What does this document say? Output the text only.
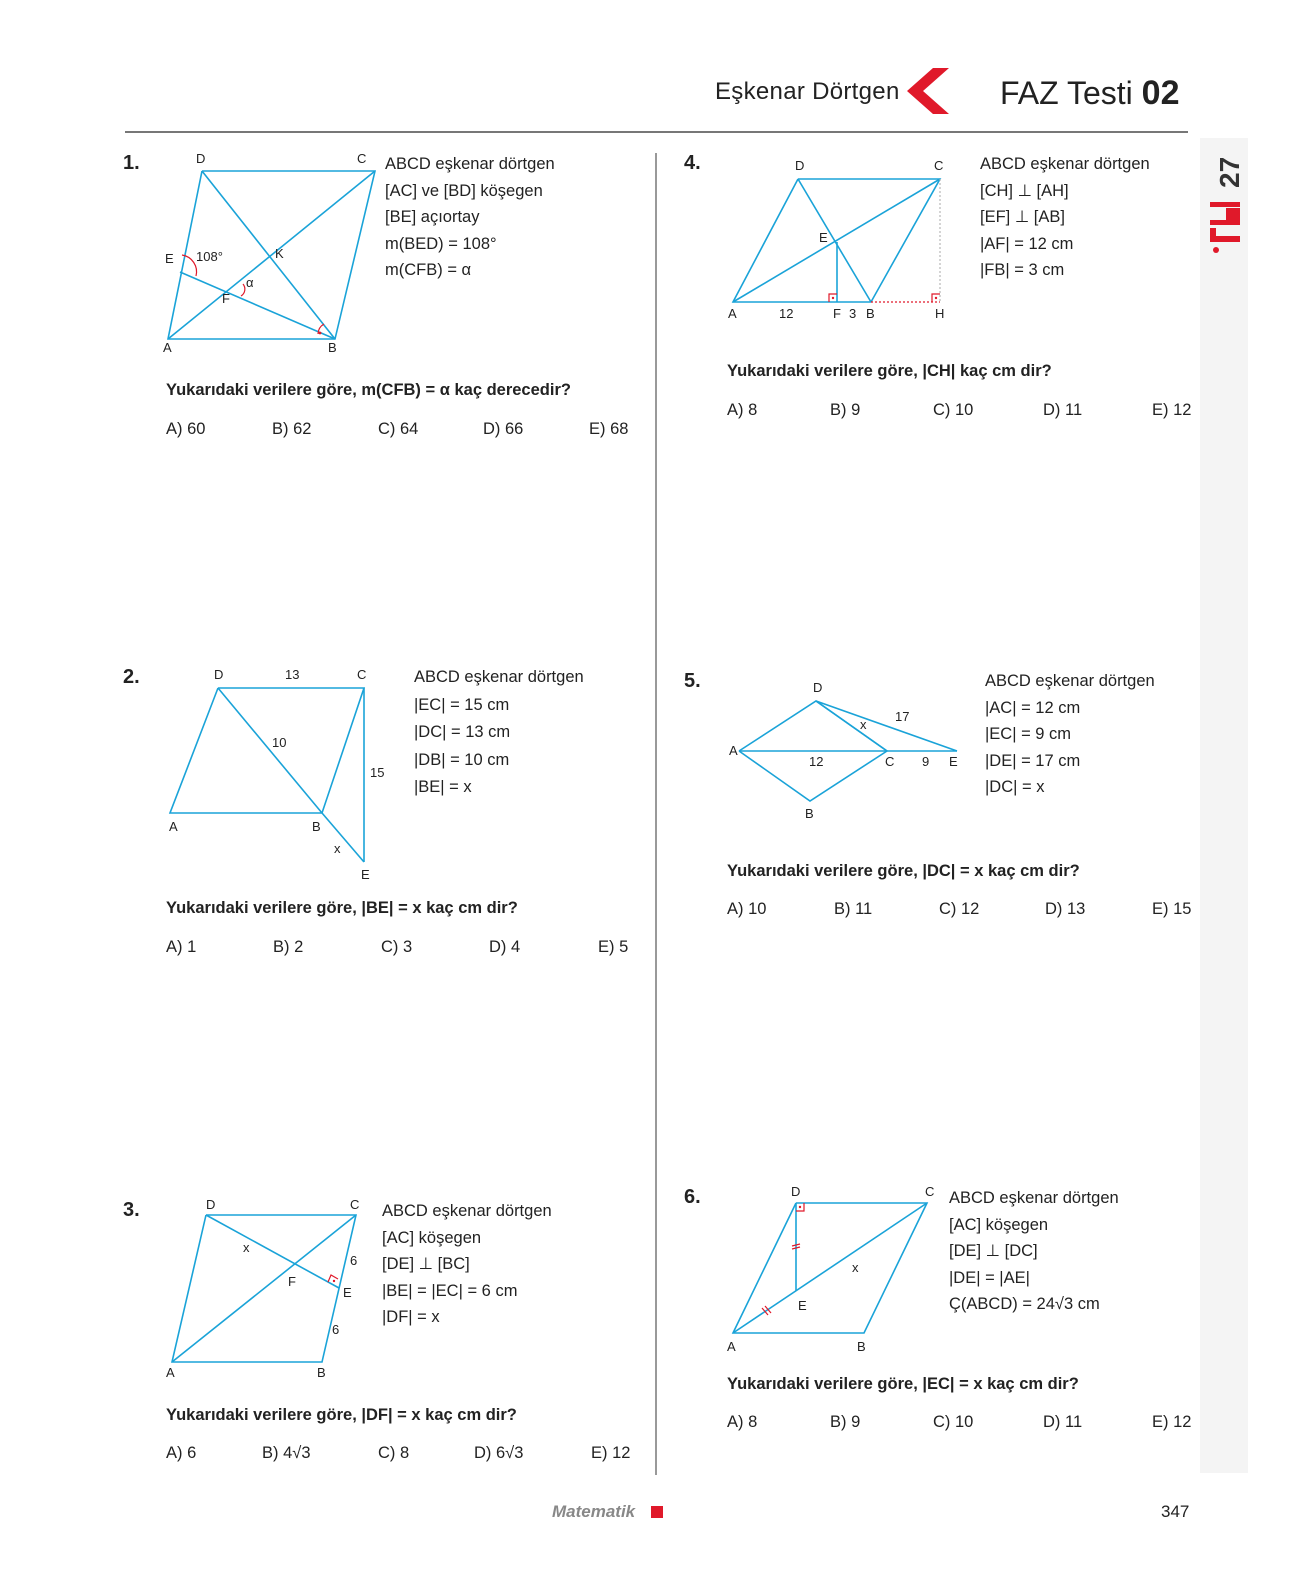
Eşkenar Dörtgen	FAZ Testi 02
27
1.	D	C
E	K
F
A	B
108°
α
ABCD eşkenar dörtgen
[AC] ve [BD] köşegen
[BE] açıortay
m(BED) = 108°
m(CFB) = α
Yukarıdaki verilere göre, m(CFB) = α kaç derecedir?
A) 60	B) 62	C) 64	D) 66	E) 68
2.	D	C
13
10
15
A	B
x
E
ABCD eşkenar dörtgen
|EC| = 15 cm
|DC| = 13 cm
|DB| = 10 cm
|BE| = x
Yukarıdaki verilere göre, |BE| = x kaç cm dir?
A) 1	B) 2	C) 3	D) 4	E) 5
3.	D	C
x
6
F
E
6
A	B
ABCD eşkenar dörtgen
[AC] köşegen
[DE] ⊥ [BC]
|BE| = |EC| = 6 cm
|DF| = x
Yukarıdaki verilere göre, |DF| = x kaç cm dir?
A) 6	B) 4√3	C) 8	D) 6√3	E) 12
4.	D	C
E
A	12	F 3 B	H
ABCD eşkenar dörtgen
[CH] ⊥ [AH]
[EF] ⊥ [AB]
|AF| = 12 cm
|FB| = 3 cm
Yukarıdaki verilere göre, |CH| kaç cm dir?
A) 8	B) 9	C) 10	D) 11	E) 12
5.	D
x
17
A
12	C 9 E
B
ABCD eşkenar dörtgen
|AC| = 12 cm
|EC| = 9 cm
|DE| = 17 cm
|DC| = x
Yukarıdaki verilere göre, |DC| = x kaç cm dir?
A) 10	B) 11	C) 12	D) 13	E) 15
6.	D	C
x
E
A	B
ABCD eşkenar dörtgen
[AC] köşegen
[DE] ⊥ [DC]
|DE| = |AE|
Ç(ABCD) = 24√3 cm
Yukarıdaki verilere göre, |EC| = x kaç cm dir?
A) 8	B) 9	C) 10	D) 11	E) 12
Matematik	347
